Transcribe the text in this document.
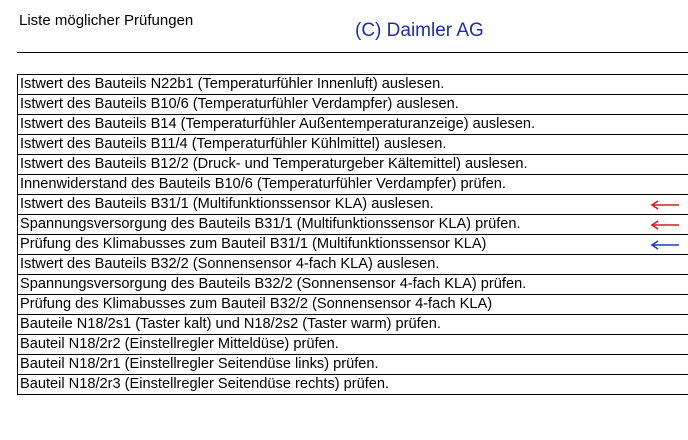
Liste möglicher Prüfungen	(C) Daimler AG
Istwert des Bauteils N22b1 (Temperaturfühler Innenluft) auslesen.
Istwert des Bauteils B10/6 (Temperaturfühler Verdampfer) auslesen.
Istwert des Bauteils B14 (Temperaturfühler Außentemperaturanzeige) auslesen.
Istwert des Bauteils B11/4 (Temperaturfühler Kühlmittel) auslesen.
Istwert des Bauteils B12/2 (Druck- und Temperaturgeber Kältemittel) auslesen.
Innenwiderstand des Bauteils B10/6 (Temperaturfühler Verdampfer) prüfen.
Istwert des Bauteils B31/1 (Multifunktionssensor KLA) auslesen.

Spannungsversorgung des Bauteils B31/1 (Multifunktionssensor KLA) prüfen.

Prüfung des Klimabusses zum Bauteil B31/1 (Multifunktionssensor KLA)

Istwert des Bauteils B32/2 (Sonnensensor 4-fach KLA) auslesen.
Spannungsversorgung des Bauteils B32/2 (Sonnensensor 4-fach KLA) prüfen.
Prüfung des Klimabusses zum Bauteil B32/2 (Sonnensensor 4-fach KLA)
Bauteile N18/2s1 (Taster kalt) und N18/2s2 (Taster warm) prüfen.
Bauteil N18/2r2 (Einstellregler Mitteldüse) prüfen.
Bauteil N18/2r1 (Einstellregler Seitendüse links) prüfen.
Bauteil N18/2r3 (Einstellregler Seitendüse rechts) prüfen.
